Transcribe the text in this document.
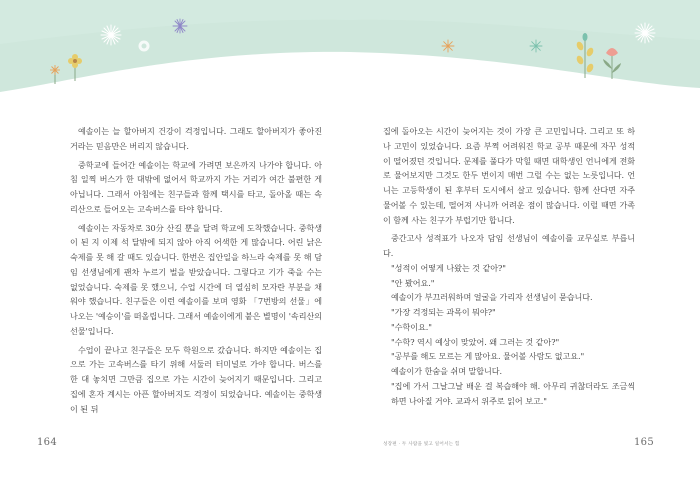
예솔이는 늘 할아버지 건강이 걱정입니다. 그래도 할아버지가 좋아진 거라는 믿음만은 버리지 않습니다.

중학교에 들어간 예솔이는 학교에 가려면 보은까지 나가야 합니다. 아침 일찍 버스가 한 대밖에 없어서 학교까지 가는 거리가 여간 불편한 게 아닙니다. 그래서 아침에는 친구들과 함께 택시를 타고, 돌아올 때는 속리산으로 들어오는 고속버스를 타야 합니다.

예솔이는 자동차로 30分 산길 뿐을 달려 학교에 도착했습니다. 중학생이 된 지 이제 석 달밖에 되지 않아 아직 어색한 게 많습니다. 어린 낡은 숙제를 못 해 갈 때도 있습니다. 한번은 집안일을 하느라 숙제를 못 해 담임 선생님에게 괜차 누르기 벌을 받았습니다. 그렇다고 기가 죽을 수는 없었습니다. 숙제를 못 했으니, 수업 시간에 더 열심히 모자란 부분을 채워야 했습니다. 친구들은 이런 예솔이를 보며 영화 「7번방의 선물」에 나오는 '예승이'를 떠올립니다. 그래서 예솔이에게 붙은 별명이 '속리산의 선물'입니다.

수업이 끝나고 친구들은 모두 학원으로 갔습니다. 하지만 예솔이는 집으로 가는 고속버스를 타기 위해 서둘러 터미널로 가야 합니다. 버스를 한 대 놓치면 그만큼 집으로 가는 시간이 늦어지기 때문입니다. 그리고 집에 혼자 계시는 아픈 할아버지도 걱정이 되었습니다. 예솔이는 중학생이 된 뒤

164

집에 돌아오는 시간이 늦어지는 것이 가장 큰 고민입니다. 그리고 또 하나 고민이 있었습니다. 요즘 부쩍 어려워진 학교 공부 때문에 자꾸 성적이 떨어졌던 것입니다. 문제를 풀다가 막힐 때면 대학생인 언니에게 전화로 물어보지만 그것도 한두 번이지 매번 그럴 수는 없는 노릇입니다. 언니는 고등학생이 된 후부터 도시에서 살고 있습니다. 함께 산다면 자주 물어볼 수 있는데, 떨어져 사니까 어려운 점이 많습니다. 이럴 때면 가족이 함께 사는 친구가 부럽기만 합니다.

중간고사 성적표가 나오자 담임 선생님이 예솔이를 교무실로 부릅니다.

"성적이 어떻게 나왔는 것 같아?"

"안 봤어요."

예솔이가 부끄러워하며 얼굴을 가리자 선생님이 묻습니다.

"가장 걱정되는 과목이 뭐야?"

"수학이요."

"수학? 역시 예상이 맞았어. 왜 그러는 것 같아?"

"공부를 해도 모르는 게 많아요. 물어볼 사람도 없고요."

예솔이가 한숨을 쉬며 말합니다.

"집에 가서 그날그날 배운 걸 복습해야 해. 아무리 귀찮더라도 조금씩 하면 나아질 거야. 교과서 위주로 읽어 보고."

성장편 · 두 사람을 빛고 일어서는 힘	165
